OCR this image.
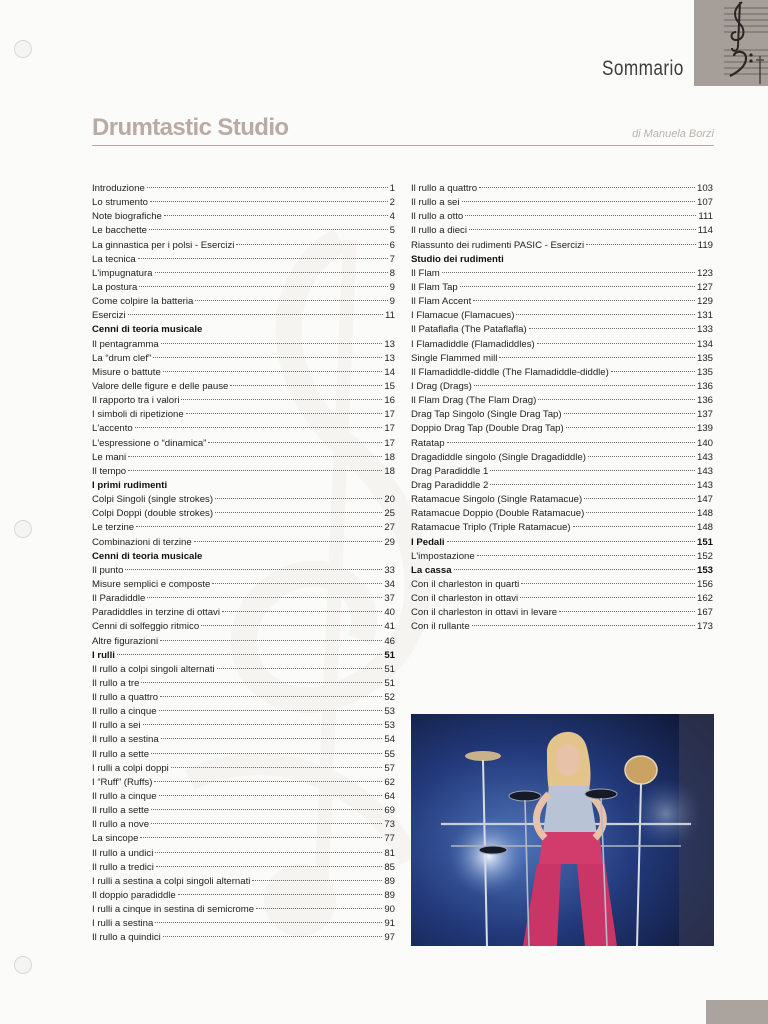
Sommario
Drumtastic Studio	di Manuela Borzi
Introduzione	1
Lo strumento	2
Note biografiche	4
Le bacchette	5
La ginnastica per i polsi - Esercizi	6
La tecnica	7
L'impugnatura	8
La postura	9
Come colpire la batteria	9
Esercizi	11
Cenni di teoria musicale
Il pentagramma	13
La “drum clef”	13
Misure o battute	14
Valore delle figure e delle pause	15
Il rapporto tra i valori	16
I simboli di ripetizione	17
L'accento	17
L'espressione o “dinamica”	17
Le mani	18
Il tempo	18
I primi rudimenti
Colpi Singoli (single strokes)	20
Colpi Doppi (double strokes)	25
Le terzine	27
Combinazioni di terzine	29
Cenni di teoria musicale
Il punto	33
Misure semplici e composte	34
Il Paradiddle	37
Paradiddles in terzine di ottavi	40
Cenni di solfeggio ritmico	41
Altre figurazioni	46
I rulli	51
Il rullo a colpi singoli alternati	51
Il rullo a tre	51
Il rullo a quattro	52
Il rullo a cinque	53
Il rullo a sei	53
Il rullo a sestina	54
Il rullo a sette	55
I rulli a colpi doppi	57
I “Ruff” (Ruffs)	62
Il rullo a cinque	64
Il rullo a sette	69
Il rullo a nove	73
La sincope	77
Il rullo a undici	81
Il rullo a tredici	85
I rulli a sestina a colpi singoli alternati	89
Il doppio paradiddle	89
I rulli a cinque in sestina di semicrome	90
I rulli a sestina	91
Il rullo a quindici	97
Il rullo a quattro	103
Il rullo a sei	107
Il rullo a otto	111
Il rullo a dieci	114
Riassunto dei rudimenti PASIC - Esercizi	119
Studio dei rudimenti
Il Flam	123
Il Flam Tap	127
Il Flam Accent	129
I Flamacue (Flamacues)	131
Il Pataflafla (The Pataflafla)	133
I Flamadiddle (Flamadiddles)	134
Single Flammed mill	135
Il Flamadiddle-diddle (The Flamadiddle-diddle)	135
I Drag (Drags)	136
Il Flam Drag (The Flam Drag)	136
Drag Tap Singolo (Single Drag Tap)	137
Doppio Drag Tap (Double Drag Tap)	139
Ratatap	140
Dragadiddle singolo (Single Dragadiddle)	143
Drag Paradiddle 1	143
Drag Paradiddle 2	143
Ratamacue Singolo (Single Ratamacue)	147
Ratamacue Doppio (Double Ratamacue)	148
Ratamacue Triplo (Triple Ratamacue)	148
I Pedali	151
L'impostazione	152
La cassa	153
Con il charleston in quarti	156
Con il charleston in ottavi	162
Con il charleston in ottavi in levare	167
Con il rullante	173
